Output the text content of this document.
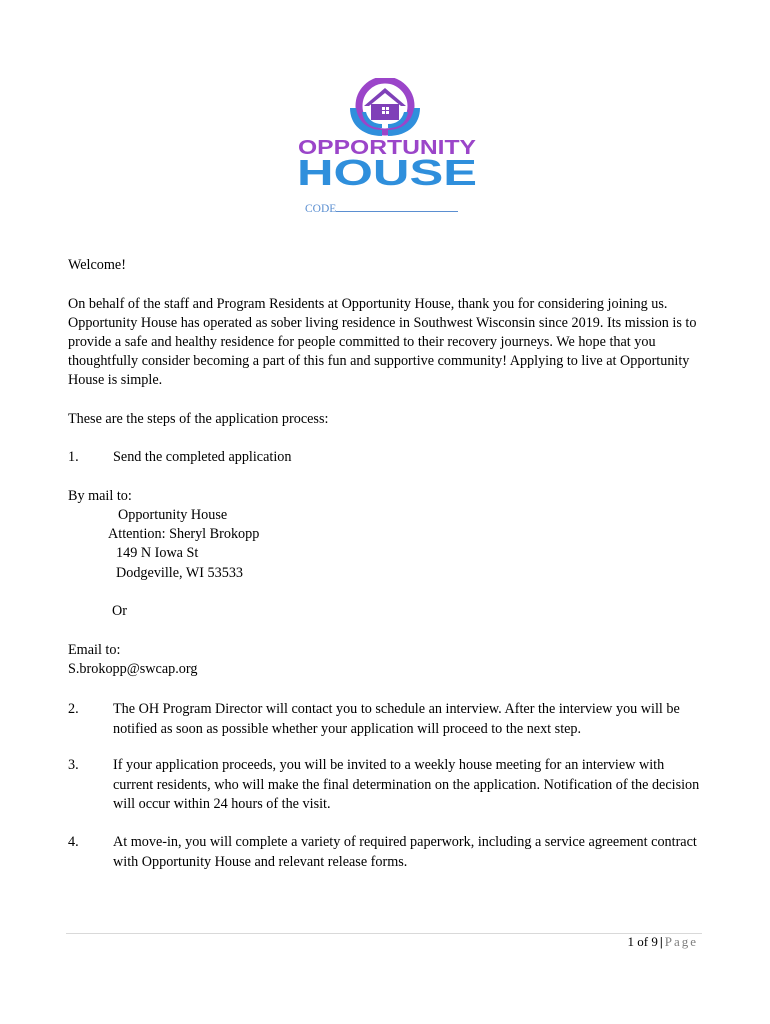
OPPORTUNITY
HOUSE
CODE
Welcome!
On behalf of the staff and Program Residents at Opportunity House, thank you for considering joining us. Opportunity House has operated as sober living residence in Southwest Wisconsin since 2019. Its mission is to provide a safe and healthy residence for people committed to their recovery journeys. We hope that you thoughtfully consider becoming a part of this fun and supportive community! Applying to live at Opportunity House is simple.
These are the steps of the application process:
1. Send the completed application
By mail to:
Opportunity House
Attention: Sheryl Brokopp
149 N Iowa St
Dodgeville, WI 53533
Or
Email to:
S.brokopp@swcap.org
2. The OH Program Director will contact you to schedule an interview. After the interview you will be notified as soon as possible whether your application will proceed to the next step.
3. If your application proceeds, you will be invited to a weekly house meeting for an interview with current residents, who will make the final determination on the application. Notification of the decision will occur within 24 hours of the visit.
4. At move-in, you will complete a variety of required paperwork, including a service agreement contract with Opportunity House and relevant release forms.
1 of 9 | Page
